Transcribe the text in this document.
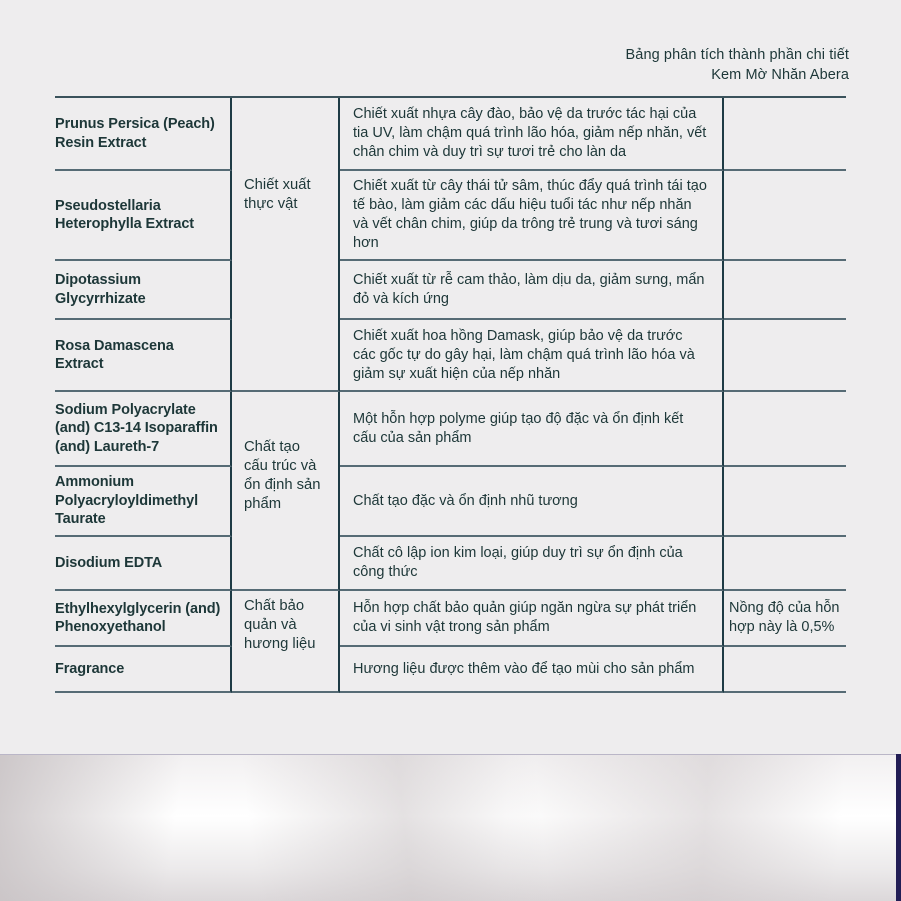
Bảng phân tích thành phần chi tiết
Kem Mờ Nhăn Abera
Prunus Persica (Peach) Resin Extract
Pseudostellaria Heterophylla Extract
Dipotassium Glycyrrhizate
Rosa Damascena Extract
Sodium Polyacrylate (and) C13-14 Isoparaffin (and) Laureth-7
Ammonium Polyacryloyldimethyl Taurate
Disodium EDTA
Ethylhexylglycerin (and) Phenoxyethanol
Fragrance
Chiết xuất thực vật
Chất tạo cấu trúc và ổn định sản phẩm
Chất bảo quản và hương liệu
Chiết xuất nhựa cây đào, bảo vệ da trước tác hại của tia UV, làm chậm quá trình lão hóa, giảm nếp nhăn, vết chân chim và duy trì sự tươi trẻ cho làn da
Chiết xuất từ cây thái tử sâm, thúc đẩy quá trình tái tạo tế bào, làm giảm các dấu hiệu tuổi tác như nếp nhăn và vết chân chim, giúp da trông trẻ trung và tươi sáng hơn
Chiết xuất từ rễ cam thảo, làm dịu da, giảm sưng, mẩn đỏ và kích ứng
Chiết xuất hoa hồng Damask, giúp bảo vệ da trước các gốc tự do gây hại, làm chậm quá trình lão hóa và giảm sự xuất hiện của nếp nhăn
Một hỗn hợp polyme giúp tạo độ đặc và ổn định kết cấu của sản phẩm
Chất tạo đặc và ổn định nhũ tương
Chất cô lập ion kim loại, giúp duy trì sự ổn định của công thức
Hỗn hợp chất bảo quản giúp ngăn ngừa sự phát triển của vi sinh vật trong sản phẩm
Hương liệu được thêm vào để tạo mùi cho sản phẩm
Nồng độ của hỗn hợp này là 0,5%
